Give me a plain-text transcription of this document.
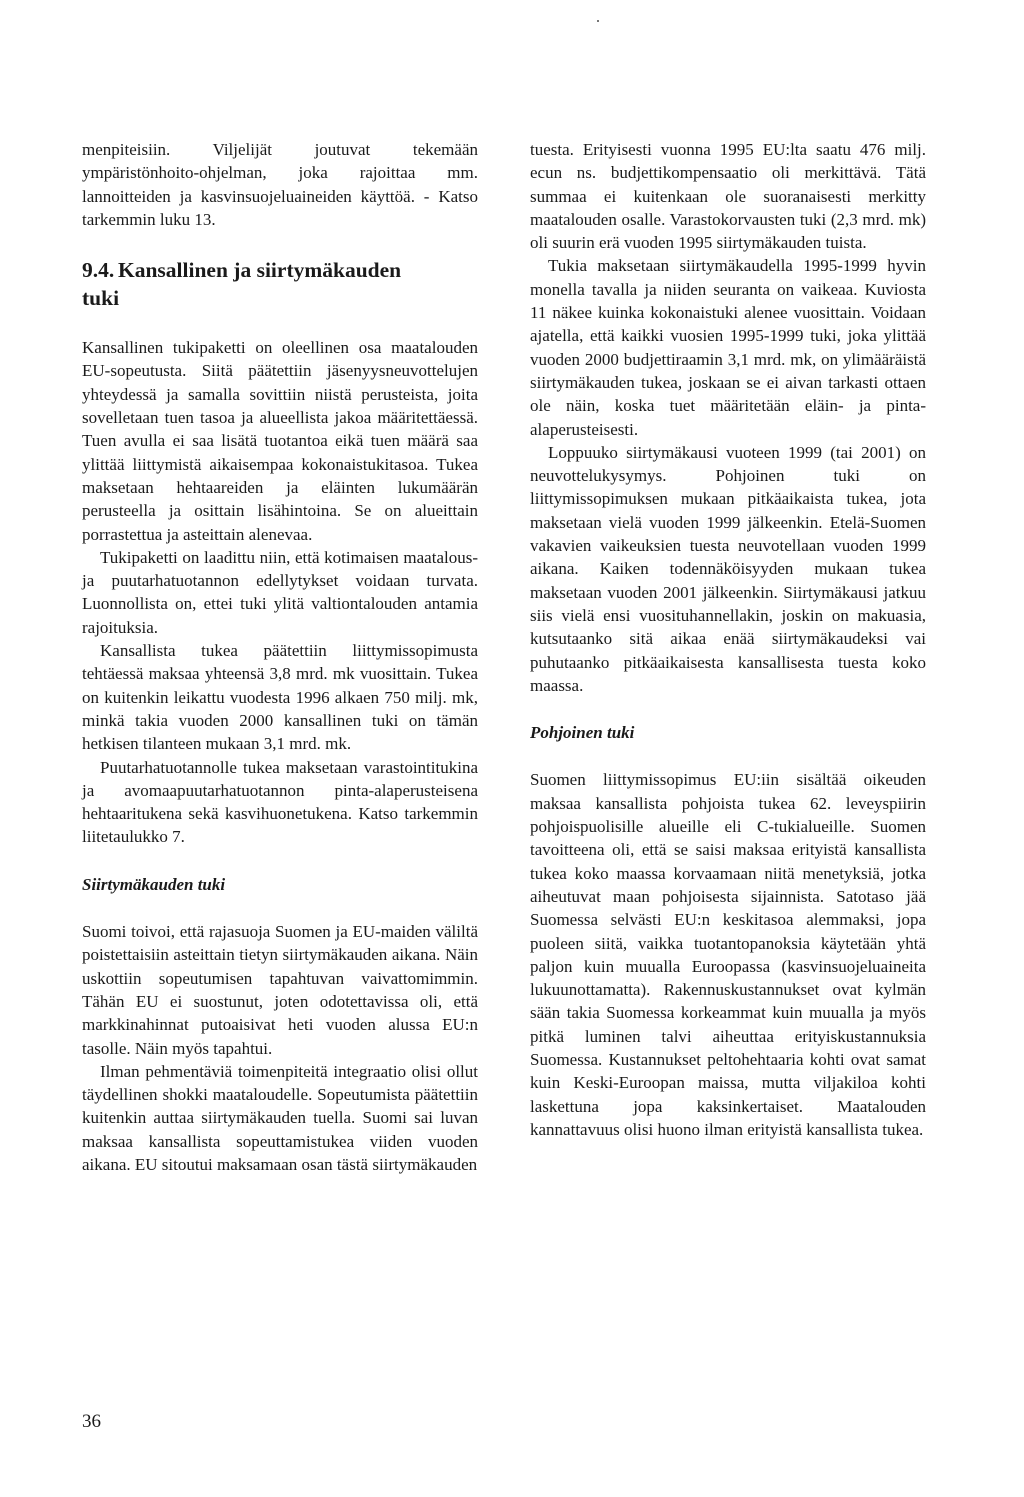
menpiteisiin. Viljelijät joutuvat tekemään ympäristönhoito-ohjelman, joka rajoittaa mm. lannoitteiden ja kasvinsuojeluaineiden käyttöä. - Katso tarkemmin luku 13.

9.4. Kansallinen ja siirtymäkauden
tuki

Kansallinen tukipaketti on oleellinen osa maatalouden EU-sopeutusta. Siitä päätettiin jäsenyysneuvottelujen yhteydessä ja samalla sovittiin niistä perusteista, joita sovelletaan tuen tasoa ja alueellista jakoa määritettäessä. Tuen avulla ei saa lisätä tuotantoa eikä tuen määrä saa ylittää liittymistä aikaisempaa kokonaistukitasoa. Tukea maksetaan hehtaareiden ja eläinten lukumäärän perusteella ja osittain lisähintoina. Se on alueittain porrastettua ja asteittain alenevaa.

Tukipaketti on laadittu niin, että kotimaisen maatalous- ja puutarhatuotannon edellytykset voidaan turvata. Luonnollista on, ettei tuki ylitä valtiontalouden antamia rajoituksia.

Kansallista tukea päätettiin liittymissopimusta tehtäessä maksaa yhteensä 3,8 mrd. mk vuosittain. Tukea on kuitenkin leikattu vuodesta 1996 alkaen 750 milj. mk, minkä takia vuoden 2000 kansallinen tuki on tämän hetkisen tilanteen mukaan 3,1 mrd. mk.

Puutarhatuotannolle tukea maksetaan varastointitukina ja avomaapuutarhatuotannon pinta-alaperusteisena hehtaaritukena sekä kasvihuonetukena. Katso tarkemmin liitetaulukko 7.

Siirtymäkauden tuki

Suomi toivoi, että rajasuoja Suomen ja EU-maiden väliltä poistettaisiin asteittain tietyn siirtymäkauden aikana. Näin uskottiin sopeutumisen tapahtuvan vaivattomimmin. Tähän EU ei suostunut, joten odotettavissa oli, että markkinahinnat putoaisivat heti vuoden alussa EU:n tasolle. Näin myös tapahtui.

Ilman pehmentäviä toimenpiteitä integraatio olisi ollut täydellinen shokki maataloudelle. Sopeutumista päätettiin kuitenkin auttaa siirtymäkauden tuella. Suomi sai luvan maksaa kansallista sopeuttamistukea viiden vuoden aikana. EU sitoutui maksamaan osan tästä siirtymäkauden

tuesta. Erityisesti vuonna 1995 EU:lta saatu 476 milj. ecun ns. budjettikompensaatio oli merkittävä. Tätä summaa ei kuitenkaan ole suoranaisesti merkitty maatalouden osalle. Varastokorvausten tuki (2,3 mrd. mk) oli suurin erä vuoden 1995 siirtymäkauden tuista.

Tukia maksetaan siirtymäkaudella 1995-1999 hyvin monella tavalla ja niiden seuranta on vaikeaa. Kuviosta 11 näkee kuinka kokonaistuki alenee vuosittain. Voidaan ajatella, että kaikki vuosien 1995-1999 tuki, joka ylittää vuoden 2000 budjettiraamin 3,1 mrd. mk, on ylimääräistä siirtymäkauden tukea, joskaan se ei aivan tarkasti ottaen ole näin, koska tuet määritetään eläin- ja pinta-alaperusteisesti.

Loppuuko siirtymäkausi vuoteen 1999 (tai 2001) on neuvottelukysymys. Pohjoinen tuki on liittymissopimuksen mukaan pitkäaikaista tukea, jota maksetaan vielä vuoden 1999 jälkeenkin. Etelä-Suomen vakavien vaikeuksien tuesta neuvotellaan vuoden 1999 aikana. Kaiken todennäköisyyden mukaan tukea maksetaan vuoden 2001 jälkeenkin. Siirtymäkausi jatkuu siis vielä ensi vuosituhannellakin, joskin on makuasia, kutsutaanko sitä aikaa enää siirtymäkaudeksi vai puhutaanko pitkäaikaisesta kansallisesta tuesta koko maassa.

Pohjoinen tuki

Suomen liittymissopimus EU:iin sisältää oikeuden maksaa kansallista pohjoista tukea 62. leveyspiirin pohjoispuolisille alueille eli C-tukialueille. Suomen tavoitteena oli, että se saisi maksaa erityistä kansallista tukea koko maassa korvaamaan niitä menetyksiä, jotka aiheutuvat maan pohjoisesta sijainnista. Satotaso jää Suomessa selvästi EU:n keskitasoa alemmaksi, jopa puoleen siitä, vaikka tuotantopanoksia käytetään yhtä paljon kuin muualla Euroopassa (kasvinsuojeluaineita lukuunottamatta). Rakennuskustannukset ovat kylmän sään takia Suomessa korkeammat kuin muualla ja myös pitkä luminen talvi aiheuttaa erityiskustannuksia Suomessa. Kustannukset peltohehtaaria kohti ovat samat kuin Keski-Euroopan maissa, mutta viljakiloa kohti laskettuna jopa kaksinkertaiset. Maatalouden kannattavuus olisi huono ilman erityistä kansallista tukea.

36
